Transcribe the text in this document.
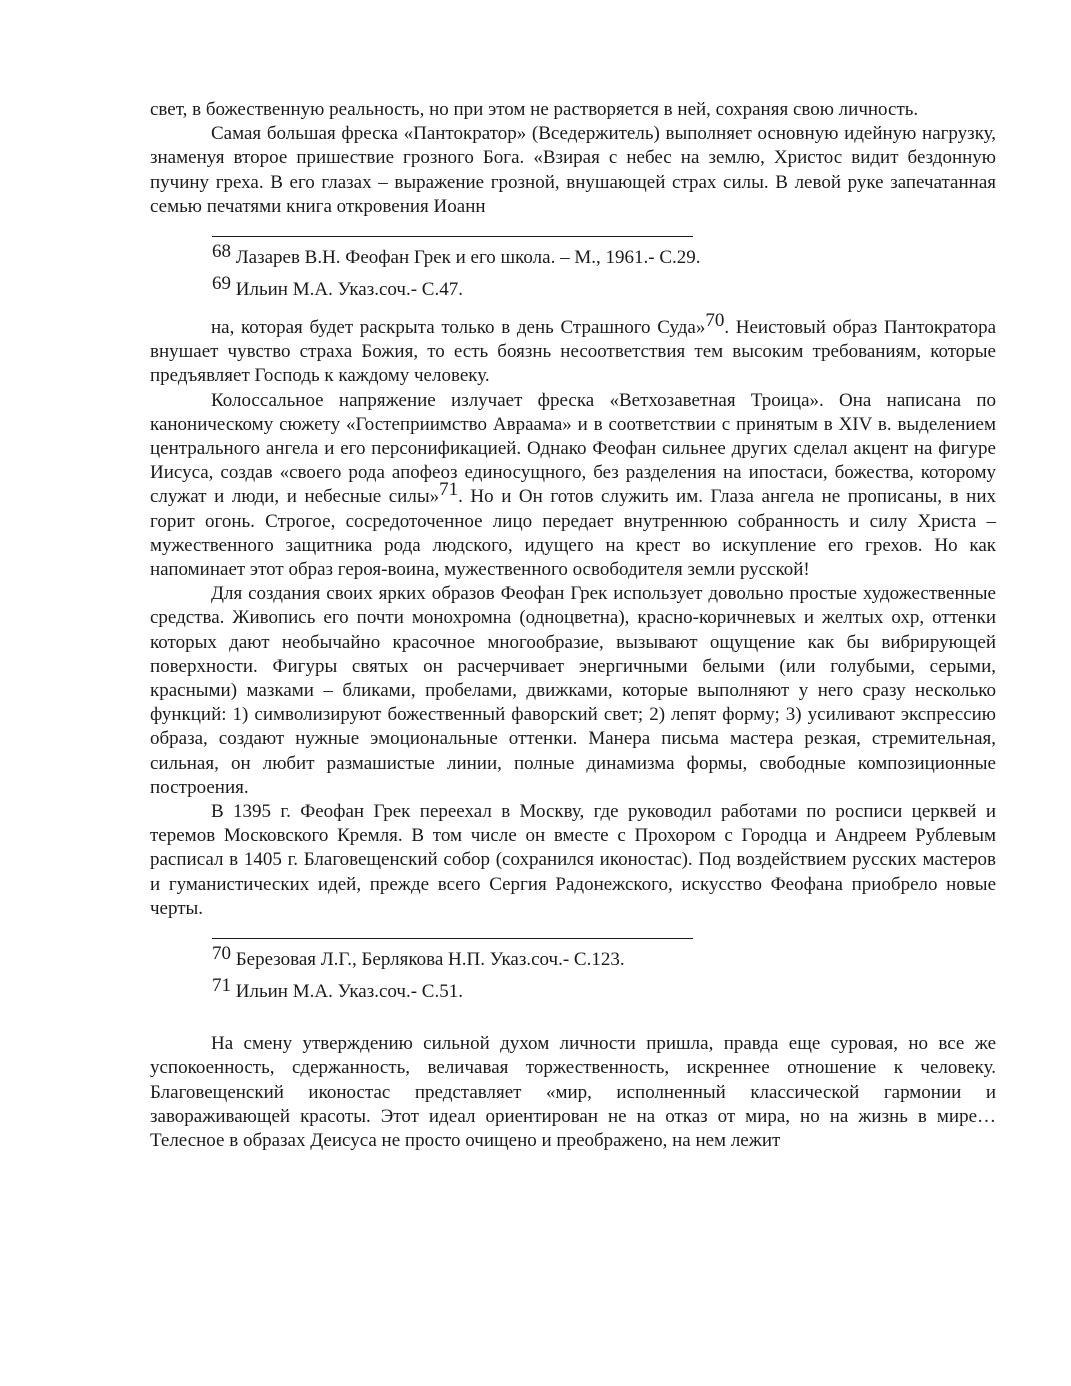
свет, в божественную реальность, но при этом не растворяется в ней, сохраняя свою личность.

Самая большая фреска «Пантократор» (Вседержитель) выполняет основную идейную нагрузку, знаменуя второе пришествие грозного Бога. «Взирая с небес на землю, Христос видит бездонную пучину греха. В его глазах – выражение грозной, внушающей страх силы. В левой руке запечатанная семью печатями книга откровения Иоанн

68 Лазарев В.Н. Феофан Грек и его школа. – М., 1961.- С.29.

69 Ильин М.А. Указ.соч.- С.47.

на, которая будет раскрыта только в день Страшного Суда»70. Неистовый образ Пантократора внушает чувство страха Божия, то есть боязнь несоответствия тем высоким требованиям, которые предъявляет Господь к каждому человеку.

Колоссальное напряжение излучает фреска «Ветхозаветная Троица». Она написана по каноническому сюжету «Гостеприимство Авраама» и в соответствии с принятым в XIV в. выделением центрального ангела и его персонификацией. Однако Феофан сильнее других сделал акцент на фигуре Иисуса, создав «своего рода апофеоз единосущного, без разделения на ипостаси, божества, которому служат и люди, и небесные силы»71. Но и Он готов служить им. Глаза ангела не прописаны, в них горит огонь. Строгое, сосредоточенное лицо передает внутреннюю собранность и силу Христа – мужественного защитника рода людского, идущего на крест во искупление его грехов. Но как напоминает этот образ героя-воина, мужественного освободителя земли русской!

Для создания своих ярких образов Феофан Грек использует довольно простые художественные средства. Живопись его почти монохромна (одноцветна), красно-коричневых и желтых охр, оттенки которых дают необычайно красочное многообразие, вызывают ощущение как бы вибрирующей поверхности. Фигуры святых он расчерчивает энергичными белыми (или голубыми, серыми, красными) мазками – бликами, пробелами, движками, которые выполняют у него сразу несколько функций: 1) символизируют божественный фаворский свет; 2) лепят форму; 3) усиливают экспрессию образа, создают нужные эмоциональные оттенки. Манера письма мастера резкая, стремительная, сильная, он любит размашистые линии, полные динамизма формы, свободные композиционные построения.

В 1395 г. Феофан Грек переехал в Москву, где руководил работами по росписи церквей и теремов Московского Кремля. В том числе он вместе с Прохором с Городца и Андреем Рублевым расписал в 1405 г. Благовещенский собор (сохранился иконостас). Под воздействием русских мастеров и гуманистических идей, прежде всего Сергия Радонежского, искусство Феофана приобрело новые черты.

70 Березовая Л.Г., Берлякова Н.П. Указ.соч.- С.123.

71 Ильин М.А. Указ.соч.- С.51.

На смену утверждению сильной духом личности пришла, правда еще суровая, но все же успокоенность, сдержанность, величавая торжественность, искреннее отношение к человеку. Благовещенский иконостас представляет «мир, исполненный классической гармонии и завораживающей красоты. Этот идеал ориентирован не на отказ от мира, но на жизнь в мире… Телесное в образах Деисуса не просто очищено и преображено, на нем лежит
